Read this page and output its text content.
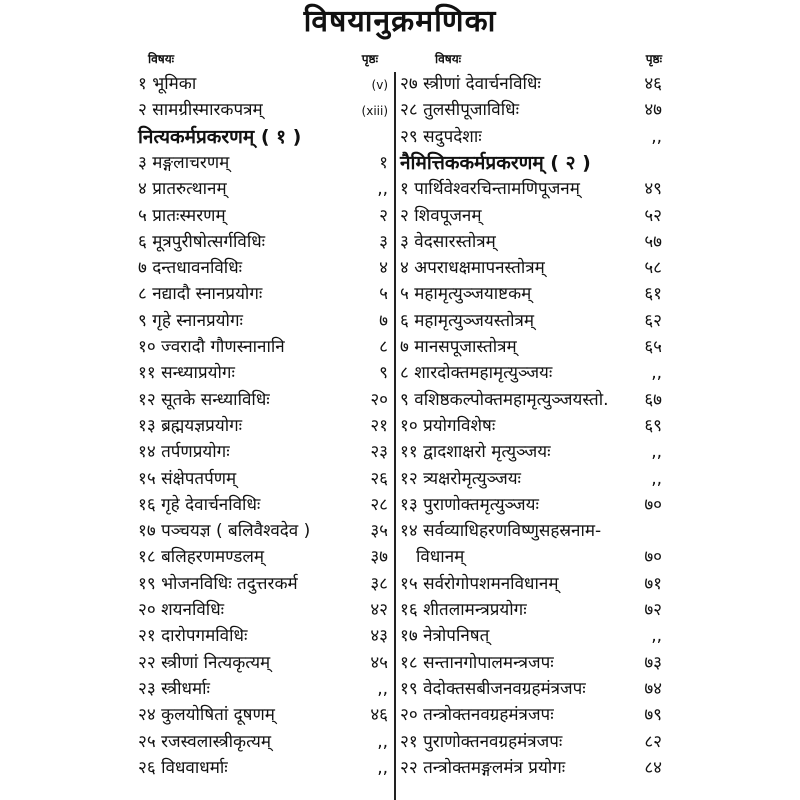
विषयानुक्रमणिका
विषयः	पृष्ठः
१ भूमिका	(v)
२ सामग्रीस्मारकपत्रम्	(xiii)
नित्यकर्मप्रकरणम् ( १ )
३ मङ्गलाचरणम्	१
४ प्रातरुत्थानम्	,,
५ प्रातःस्मरणम्	२
६ मूत्रपुरीषोत्सर्गविधिः	३
७ दन्तधावनविधिः	४
८ नद्यादौ स्नानप्रयोगः	५
९ गृहे स्नानप्रयोगः	७
१० ज्वरादौ गौणस्नानानि	८
११ सन्ध्याप्रयोगः	९
१२ सूतके सन्ध्याविधिः	२०
१३ ब्रह्मयज्ञप्रयोगः	२१
१४ तर्पणप्रयोगः	२३
१५ संक्षेपतर्पणम्	२६
१६ गृहे देवार्चनविधिः	२८
१७ पञ्चयज्ञ ( बलिवैश्वदेव )	३५
१८ बलिहरणमण्डलम्	३७
१९ भोजनविधिः तदुत्तरकर्म	३८
२० शयनविधिः	४२
२१ दारोपगमविधिः	४३
२२ स्त्रीणां नित्यकृत्यम्	४५
२३ स्त्रीधर्माः	,,
२४ कुलयोषितां दूषणम्	४६
२५ रजस्वलास्त्रीकृत्यम्	,,
२६ विधवाधर्माः	,,
विषयः	पृष्ठः
२७ स्त्रीणां देवार्चनविधिः	४६
२८ तुलसीपूजाविधिः	४७
२९ सदुपदेशाः	,,
नैमित्तिककर्मप्रकरणम् ( २ )
१ पार्थिवेश्वरचिन्तामणिपूजनम्	४९
२ शिवपूजनम्	५२
३ वेदसारस्तोत्रम्	५७
४ अपराधक्षमापनस्तोत्रम्	५८
५ महामृत्युञ्जयाष्टकम्	६१
६ महामृत्युञ्जयस्तोत्रम्	६२
७ मानसपूजास्तोत्रम्	६५
८ शारदोक्तमहामृत्युञ्जयः	,,
९ वशिष्ठकल्पोक्तमहामृत्युञ्जयस्तो.	६७
१० प्रयोगविशेषः	६९
११ द्वादशाक्षरो मृत्युञ्जयः	,,
१२ त्र्यक्षरोमृत्युञ्जयः	,,
१३ पुराणोक्तमृत्युञ्जयः	७०
१४ सर्वव्याधिहरणविष्णुसहस्रनाम-
विधानम्	७०
१५ सर्वरोगोपशमनविधानम्	७१
१६ शीतलामन्त्रप्रयोगः	७२
१७ नेत्रोपनिषत्	,,
१८ सन्तानगोपालमन्त्रजपः	७३
१९ वेदोक्तसबीजनवग्रहमंत्रजपः	७४
२० तन्त्रोक्तनवग्रहमंत्रजपः	७९
२१ पुराणोक्तनवग्रहमंत्रजपः	८२
२२ तन्त्रोक्तमङ्गलमंत्र प्रयोगः	८४
